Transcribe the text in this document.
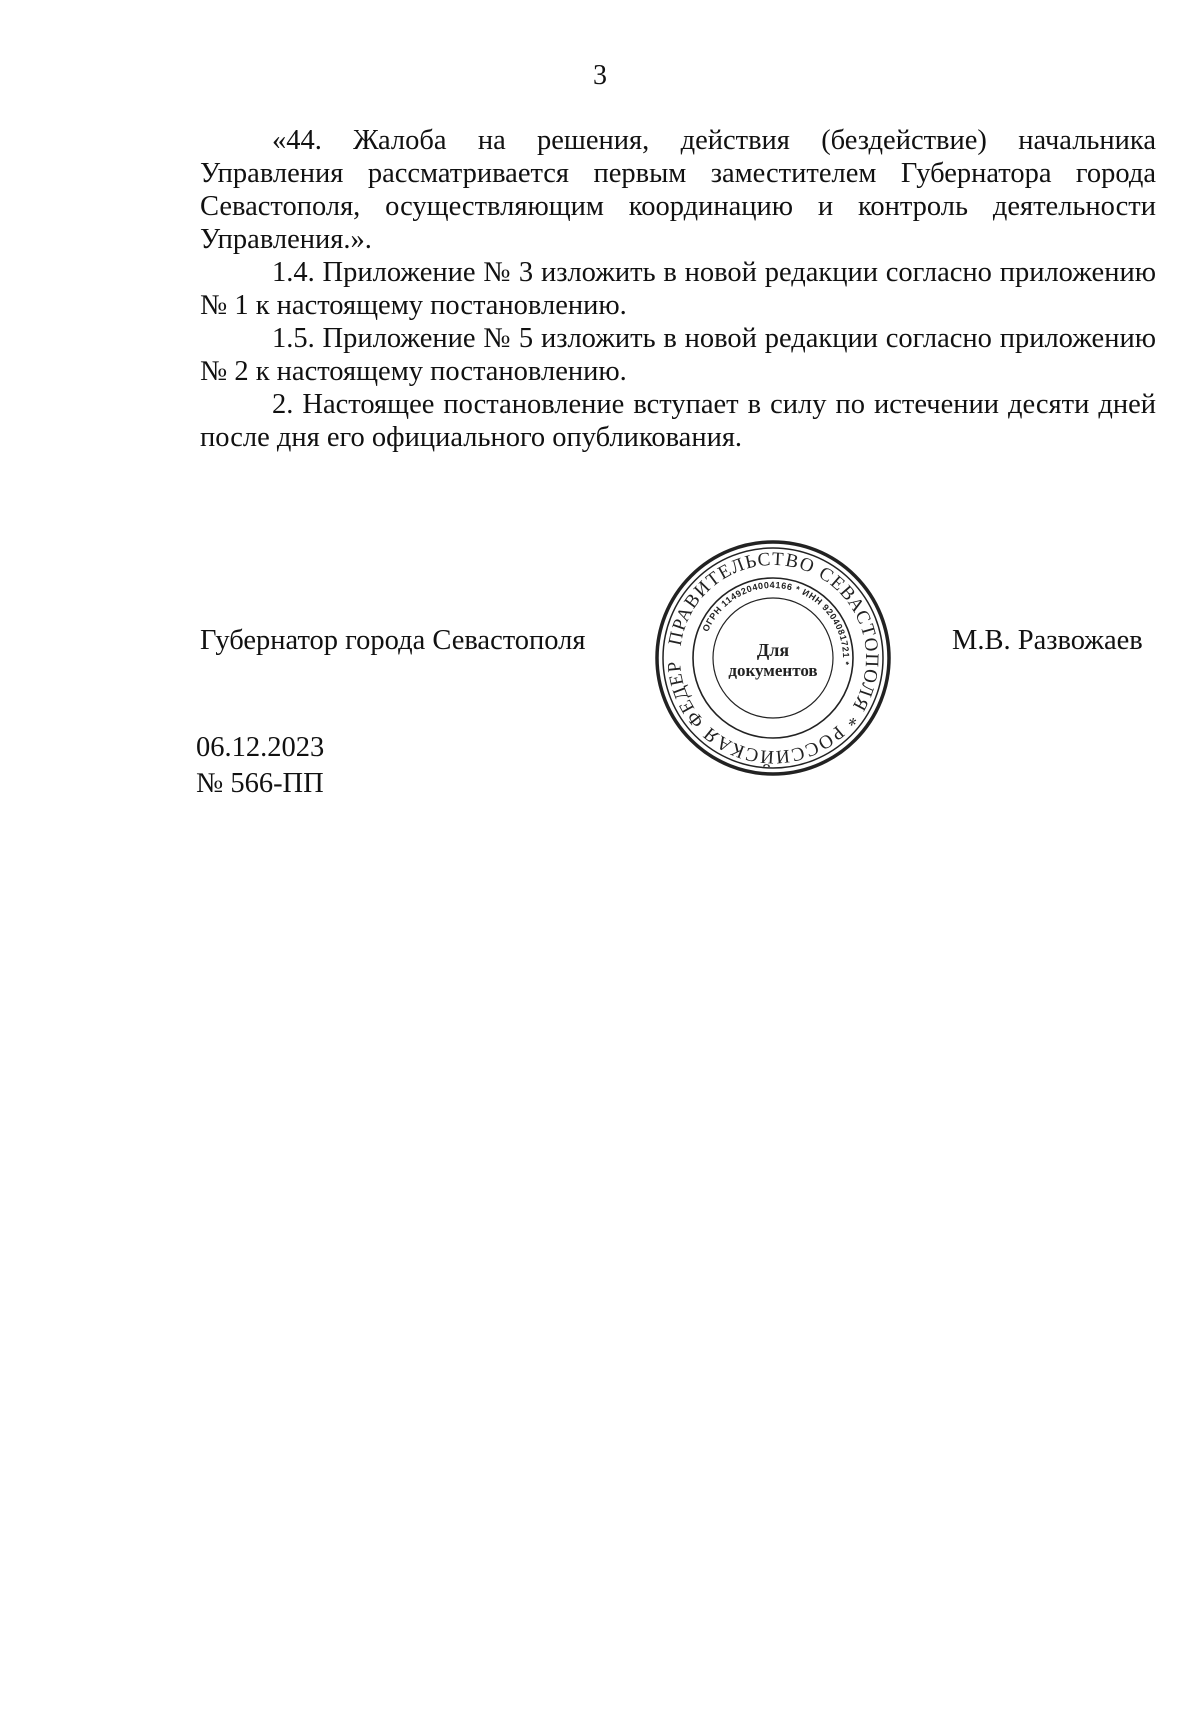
3

«44. Жалоба на решения, действия (бездействие) начальника Управления рассматривается первым заместителем Губернатора города Севастополя, осуществляющим координацию и контроль деятельности Управления.».

1.4. Приложение № 3 изложить в новой редакции согласно приложению № 1 к настоящему постановлению.

1.5. Приложение № 5 изложить в новой редакции согласно приложению № 2 к настоящему постановлению.

2. Настоящее постановление вступает в силу по истечении десяти дней после дня его официального опубликования.

Губернатор города Севастополя	ПРАВИТЕЛЬСТВО СЕВАСТОПОЛЯ * РОССИЙСКАЯ ФЕДЕР
ОГРН 1149204004166 * ИНН 9204081721 *
Для
документов
М.В. Развожаев
06.12.2023
№ 566-ПП
